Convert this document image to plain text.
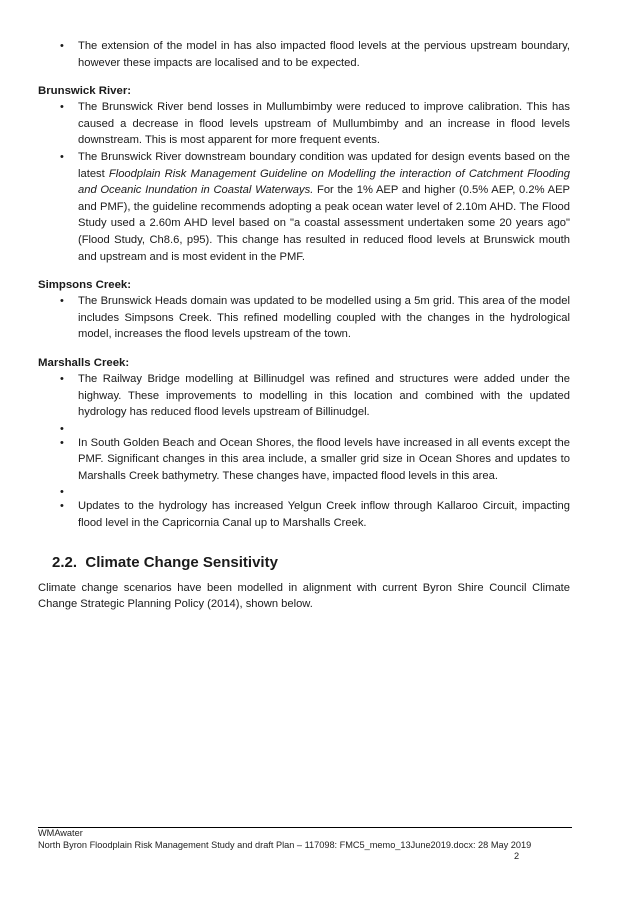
• The extension of the model in has also impacted flood levels at the pervious upstream boundary, however these impacts are localised and to be expected.

Brunswick River:

• The Brunswick River bend losses in Mullumbimby were reduced to improve calibration. This has caused a decrease in flood levels upstream of Mullumbimby and an increase in flood levels downstream. This is most apparent for more frequent events.
• The Brunswick River downstream boundary condition was updated for design events based on the latest Floodplain Risk Management Guideline on Modelling the interaction of Catchment Flooding and Oceanic Inundation in Coastal Waterways. For the 1% AEP and higher (0.5% AEP, 0.2% AEP and PMF), the guideline recommends adopting a peak ocean water level of 2.10m AHD. The Flood Study used a 2.60m AHD level based on "a coastal assessment undertaken some 20 years ago" (Flood Study, Ch8.6, p95). This change has resulted in reduced flood levels at Brunswick mouth and upstream and is most evident in the PMF.

Simpsons Creek:

• The Brunswick Heads domain was updated to be modelled using a 5m grid. This area of the model includes Simpsons Creek. This refined modelling coupled with the changes in the hydrological model, increases the flood levels upstream of the town.

Marshalls Creek:

• The Railway Bridge modelling at Billinudgel was refined and structures were added under the highway. These improvements to modelling in this location and combined with the updated hydrology has reduced flood levels upstream of Billinudgel.
•
• In South Golden Beach and Ocean Shores, the flood levels have increased in all events except the PMF. Significant changes in this area include, a smaller grid size in Ocean Shores and updates to Marshalls Creek bathymetry. These changes have, impacted flood levels in this area.
•
• Updates to the hydrology has increased Yelgun Creek inflow through Kallaroo Circuit, impacting flood level in the Capricornia Canal up to Marshalls Creek.

2.2. Climate Change Sensitivity

Climate change scenarios have been modelled in alignment with current Byron Shire Council Climate Change Strategic Planning Policy (2014), shown below.

WMAwater
North Byron Floodplain Risk Management Study and draft Plan – 117098: FMC5_memo_13June2019.docx: 28 May 2019
2
